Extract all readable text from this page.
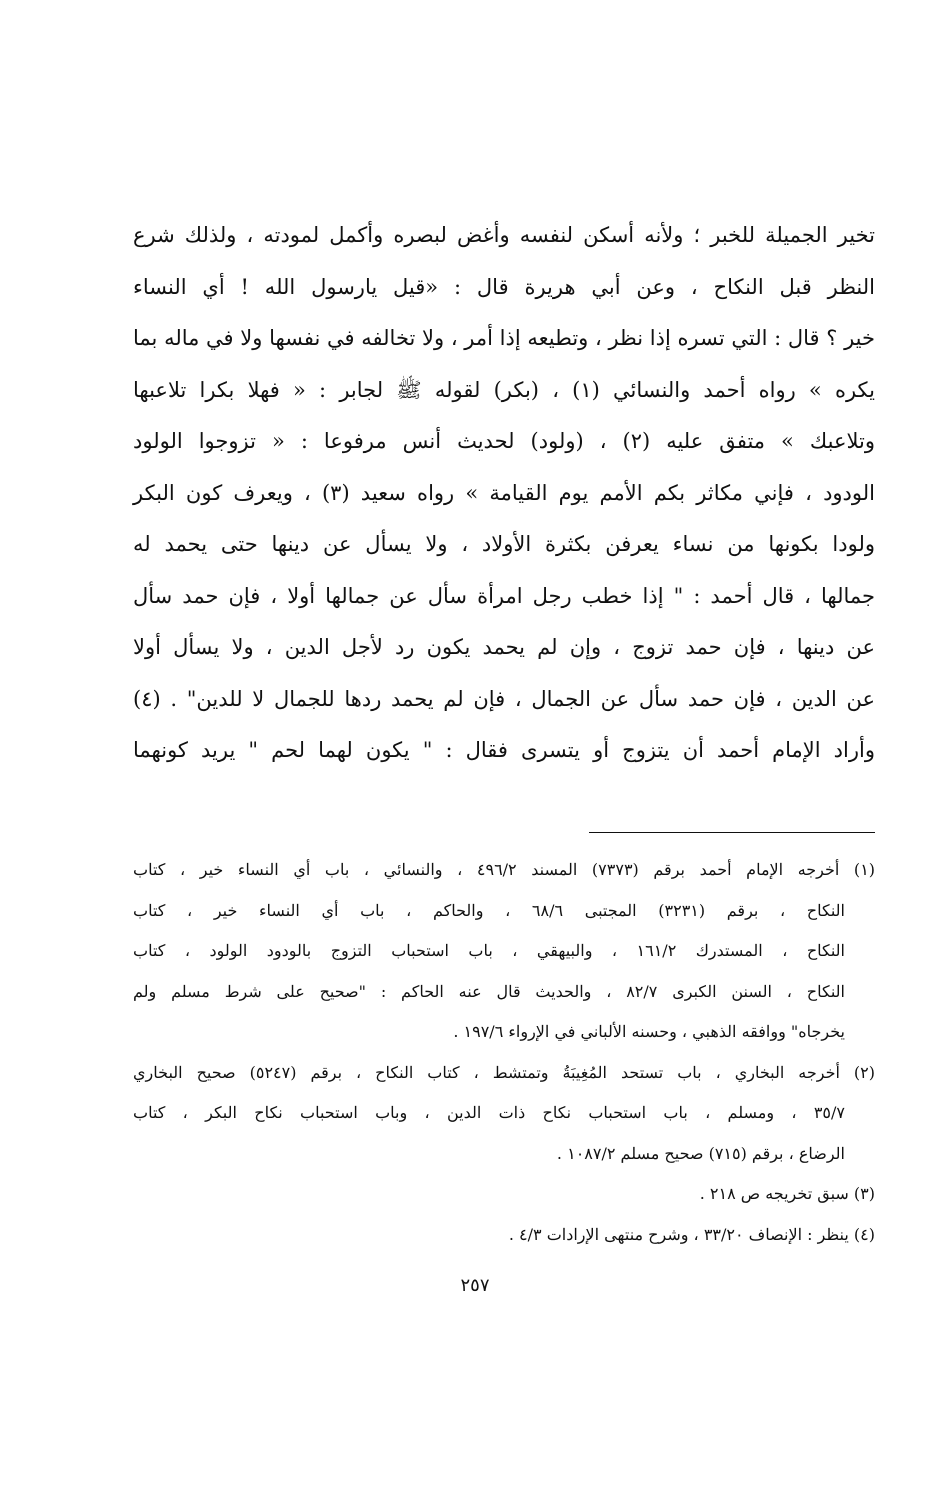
تخير الجميلة للخبر ؛ ولأنه أسكن لنفسه وأغض لبصره وأكمل لمودته ، ولذلك شرع
النظر قبل النكاح ، وعن أبي هريرة قال : «قيل يارسول الله ! أي النساء
خير ؟ قال : التي تسره إذا نظر ، وتطيعه إذا أمر ، ولا تخالفه في نفسها ولا في ماله بما
يكره » رواه أحمد والنسائي (١) ، (بكر) لقوله ﷺ لجابر : « فهلا بكرا تلاعبها
وتلاعبك » متفق عليه (٢) ، (ولود) لحديث أنس مرفوعا : « تزوجوا الولود
الودود ، فإني مكاثر بكم الأمم يوم القيامة » رواه سعيد (٣) ، ويعرف كون البكر
ولودا بكونها من نساء يعرفن بكثرة الأولاد ، ولا يسأل عن دينها حتى يحمد له
جمالها ، قال أحمد : " إذا خطب رجل امرأة سأل عن جمالها أولا ، فإن حمد سأل
عن دينها ، فإن حمد تزوج ، وإن لم يحمد يكون رد لأجل الدين ، ولا يسأل أولا
عن الدين ، فإن حمد سأل عن الجمال ، فإن لم يحمد ردها للجمال لا للدين" . (٤)
وأراد الإمام أحمد أن يتزوج أو يتسرى فقال : " يكون لهما لحم " يريد كونهما
(١) أخرجه الإمام أحمد برقم (٧٣٧٣) المسند ٤٩٦/٢ ، والنسائي ، باب أي النساء خير ، كتاب
النكاح ، برقم (٣٢٣١) المجتبى ٦٨/٦ ، والحاكم ، باب أي النساء خير ، كتاب
النكاح ، المستدرك ١٦١/٢ ، والبيهقي ، باب استحباب التزوج بالودود الولود ، كتاب
النكاح ، السنن الكبرى ٨٢/٧ ، والحديث قال عنه الحاكم : "صحيح على شرط مسلم ولم
يخرجاه" ووافقه الذهبي ، وحسنه الألباني في الإرواء ١٩٧/٦ .
(٢) أخرجه البخاري ، باب تستحد المُغِيبَةُ وتمتشط ، كتاب النكاح ، برقم (٥٢٤٧) صحيح البخاري
٣٥/٧ ، ومسلم ، باب استحباب نكاح ذات الدين ، وباب استحباب نكاح البكر ، كتاب
الرضاع ، برقم (٧١٥) صحيح مسلم ١٠٨٧/٢ .
(٣) سبق تخريجه ص ٢١٨ .
(٤) ينظر : الإنصاف ٣٣/٢٠ ، وشرح منتهى الإرادات ٤/٣ .
٢٥٧
